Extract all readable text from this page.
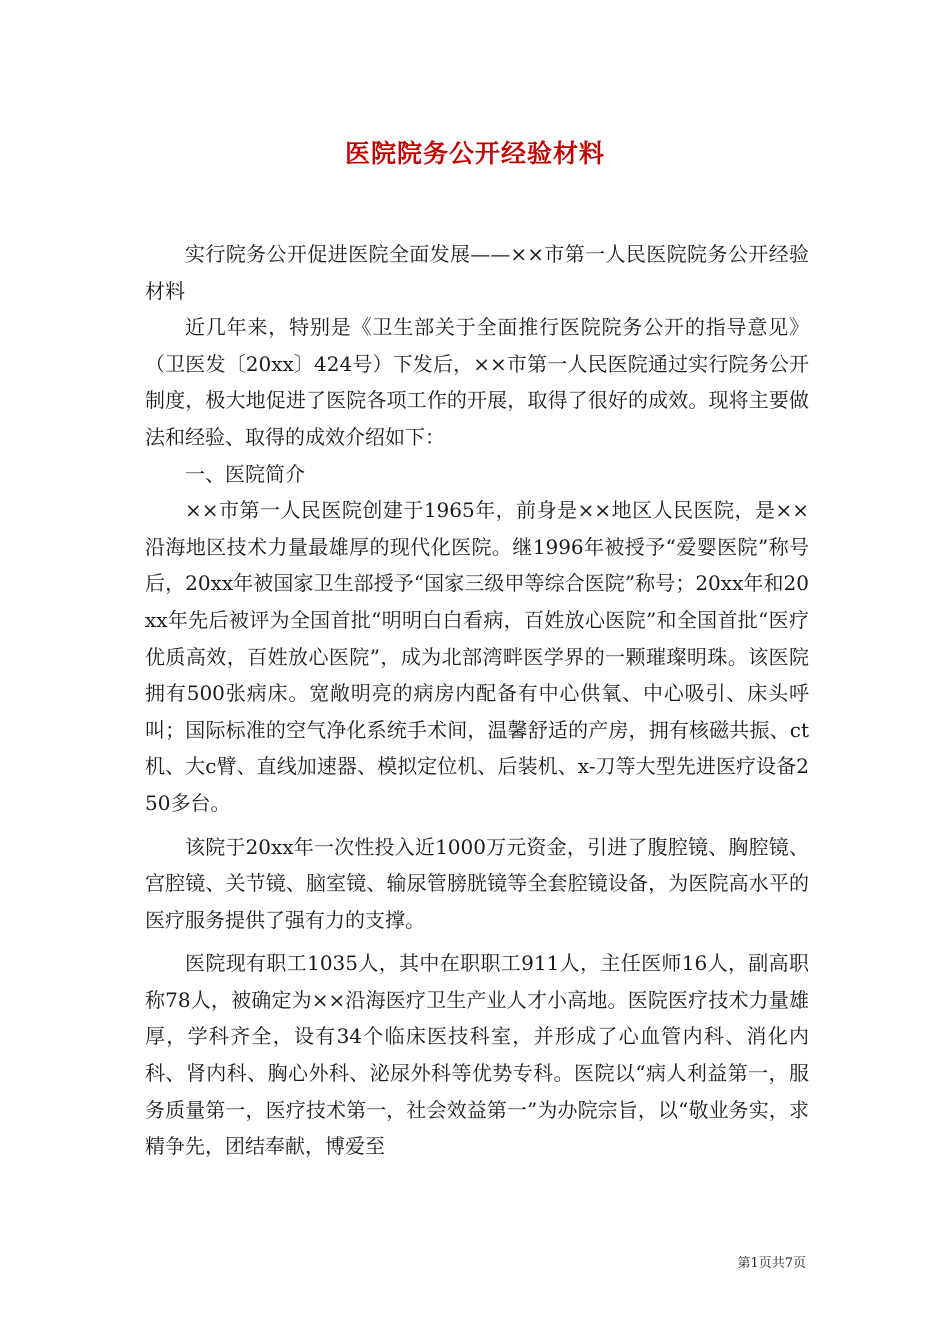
医院院务公开经验材料

实行院务公开促进医院全面发展——××市第一人民医院院务公开经验材料

近几年来，特别是《卫生部关于全面推行医院院务公开的指导意见》（卫医发〔20xx〕424号）下发后，××市第一人民医院通过实行院务公开制度，极大地促进了医院各项工作的开展，取得了很好的成效。现将主要做法和经验、取得的成效介绍如下：

一、医院简介

××市第一人民医院创建于1965年，前身是××地区人民医院，是××沿海地区技术力量最雄厚的现代化医院。继1996年被授予“爱婴医院”称号后，20xx年被国家卫生部授予“国家三级甲等综合医院”称号；20xx年和20xx年先后被评为全国首批“明明白白看病，百姓放心医院”和全国首批“医疗优质高效，百姓放心医院”，成为北部湾畔医学界的一颗璀璨明珠。该医院拥有500张病床。宽敞明亮的病房内配备有中心供氧、中心吸引、床头呼叫；国际标准的空气净化系统手术间，温馨舒适的产房，拥有核磁共振、ct机、大c臂、直线加速器、模拟定位机、后装机、x-刀等大型先进医疗设备250多台。

该院于20xx年一次性投入近1000万元资金，引进了腹腔镜、胸腔镜、宫腔镜、关节镜、脑室镜、输尿管膀胱镜等全套腔镜设备，为医院高水平的医疗服务提供了强有力的支撑。

医院现有职工1035人，其中在职职工911人，主任医师16人，副高职称78人，被确定为××沿海医疗卫生产业人才小高地。医院医疗技术力量雄厚，学科齐全，设有34个临床医技科室，并形成了心血管内科、消化内科、肾内科、胸心外科、泌尿外科等优势专科。医院以“病人利益第一，服务质量第一，医疗技术第一，社会效益第一”为办院宗旨，以“敬业务实，求精争先，团结奉献，博爱至

第1页共7页
